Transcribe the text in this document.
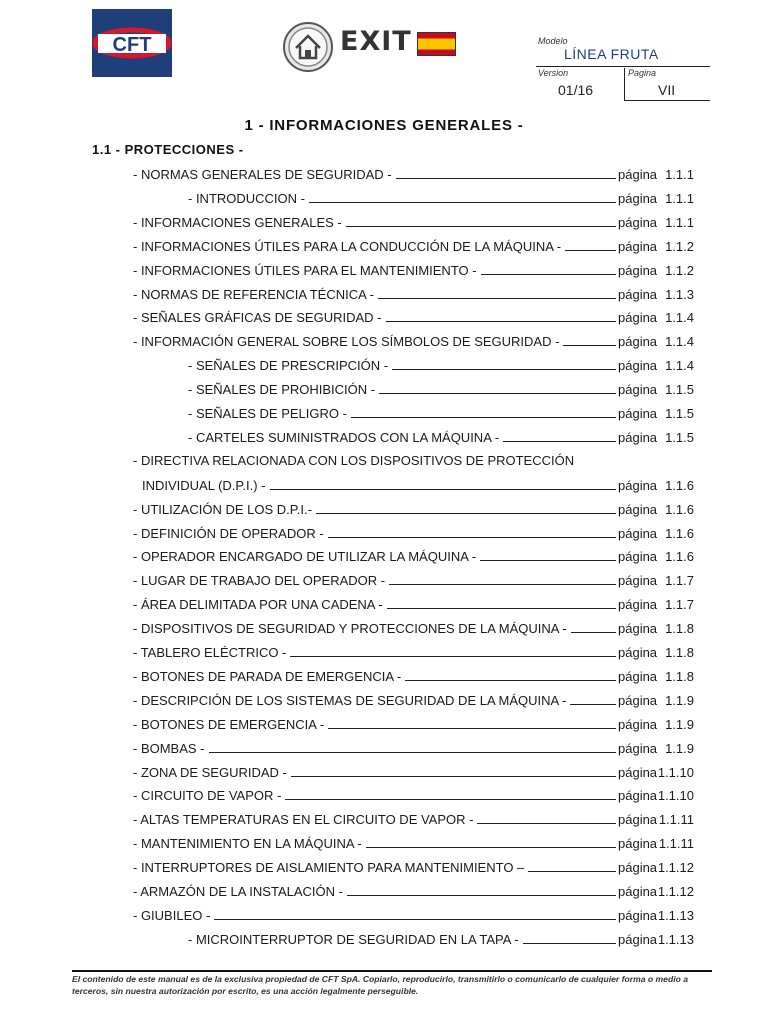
CFT	EXIT	Modelo
LÍNEA FRUTA
Version
01/16
Pagina
VII
1 - INFORMACIONES GENERALES -
1.1 - PROTECCIONES -
- NORMAS GENERALES DE SEGURIDAD -	página 1.1.1
- INTRODUCCION -	página 1.1.1
- INFORMACIONES GENERALES -	página 1.1.1
- INFORMACIONES ÚTILES PARA LA CONDUCCIÓN DE LA MÁQUINA -	página 1.1.2
- INFORMACIONES ÚTILES PARA EL MANTENIMIENTO -	página 1.1.2
- NORMAS DE REFERENCIA TÉCNICA -	página 1.1.3
- SEÑALES GRÁFICAS DE SEGURIDAD -	página 1.1.4
- INFORMACIÓN GENERAL SOBRE LOS SÍMBOLOS DE SEGURIDAD -	página 1.1.4
- SEÑALES DE PRESCRIPCIÓN -	página 1.1.4
- SEÑALES DE PROHIBICIÓN -	página 1.1.5
- SEÑALES DE PELIGRO -	página 1.1.5
- CARTELES SUMINISTRADOS CON LA MÁQUINA -	página 1.1.5
- DIRECTIVA RELACIONADA CON LOS DISPOSITIVOS DE PROTECCIÓN
INDIVIDUAL (D.P.I.) -	página 1.1.6
- UTILIZACIÓN DE LOS D.P.I.-	página 1.1.6
- DEFINICIÓN DE OPERADOR -	página 1.1.6
- OPERADOR ENCARGADO DE UTILIZAR LA MÁQUINA -	página 1.1.6
- LUGAR DE TRABAJO DEL OPERADOR -	página 1.1.7
- ÁREA DELIMITADA POR UNA CADENA -	página 1.1.7
- DISPOSITIVOS DE SEGURIDAD Y PROTECCIONES DE LA MÁQUINA -	página 1.1.8
- TABLERO ELÉCTRICO -	página 1.1.8
- BOTONES DE PARADA DE EMERGENCIA -	página 1.1.8
- DESCRIPCIÓN DE LOS SISTEMAS DE SEGURIDAD DE LA MÁQUINA -	página 1.1.9
- BOTONES DE EMERGENCIA -	página 1.1.9
- BOMBAS -	página 1.1.9
- ZONA DE SEGURIDAD -	página 1.1.10
- CIRCUITO DE VAPOR -	página 1.1.10
- ALTAS TEMPERATURAS EN EL CIRCUITO DE VAPOR -	página 1.1.11
- MANTENIMIENTO EN LA MÁQUINA -	página 1.1.11
- INTERRUPTORES DE AISLAMIENTO PARA MANTENIMIENTO –	página 1.1.12
- ARMAZÓN DE LA INSTALACIÓN -	página 1.1.12
- GIUBILEO -	página 1.1.13
- MICROINTERRUPTOR DE SEGURIDAD EN LA TAPA -	página 1.1.13
El contenido de este manual es de la exclusiva propiedad de CFT SpA. Copiarlo, reproducirlo, transmitirlo o comunicarlo de cualquier forma o medio a terceros, sin nuestra autorización por escrito, es una acción legalmente perseguible.
